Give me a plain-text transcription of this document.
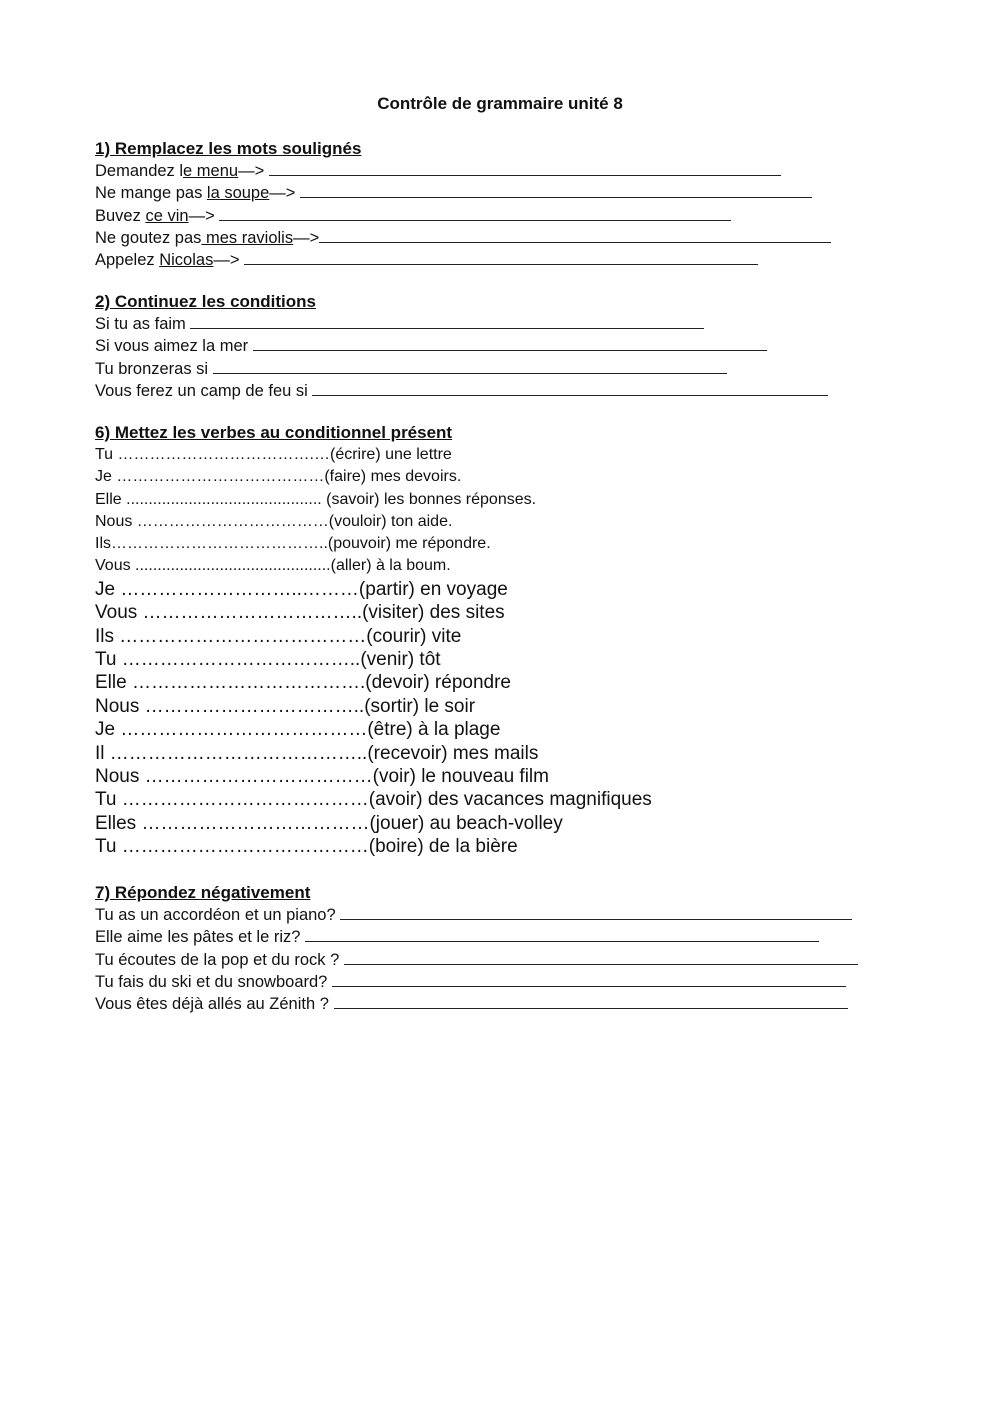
Contrôle de grammaire unité 8
1) Remplacez les mots soulignés
Demandez le menu—>
Ne mange pas la soupe—>
Buvez ce vin—>
Ne goutez pas mes raviolis—>
Appelez Nicolas—>
2) Continuez les conditions
Si tu as faim
Si vous aimez la mer
Tu bronzeras si
Vous ferez un camp de feu si
6) Mettez les verbes au conditionnel présent
Tu ……………………………….…(écrire) une lettre
Je …………………………………(faire) mes devoirs.
Elle ............................................ (savoir) les bonnes réponses.
Nous ………………………………(vouloir) ton aide.
Ils…………………………………..(pouvoir) me répondre.
Vous ............................................(aller) à la boum.
Je ………………………..………(partir) en voyage
Vous ……………………………..(visiter) des sites
Ils …………………………………(courir) vite
Tu ………………………………..(venir) tôt
Elle ……………………………….(devoir) répondre
Nous ……………………………..(sortir) le soir
Je …………………………………(être) à la plage
Il …………………………………..(recevoir) mes mails
Nous ………………………………(voir) le nouveau film
Tu …………………………………(avoir) des vacances magnifiques
Elles ………………………………(jouer) au beach-volley
Tu …………………………………(boire) de la bière
7) Répondez négativement
Tu as un accordéon et un piano?
Elle aime les pâtes et le riz?
Tu écoutes de la pop et du rock ?
Tu fais du ski et du snowboard?
Vous êtes déjà allés au Zénith ?
